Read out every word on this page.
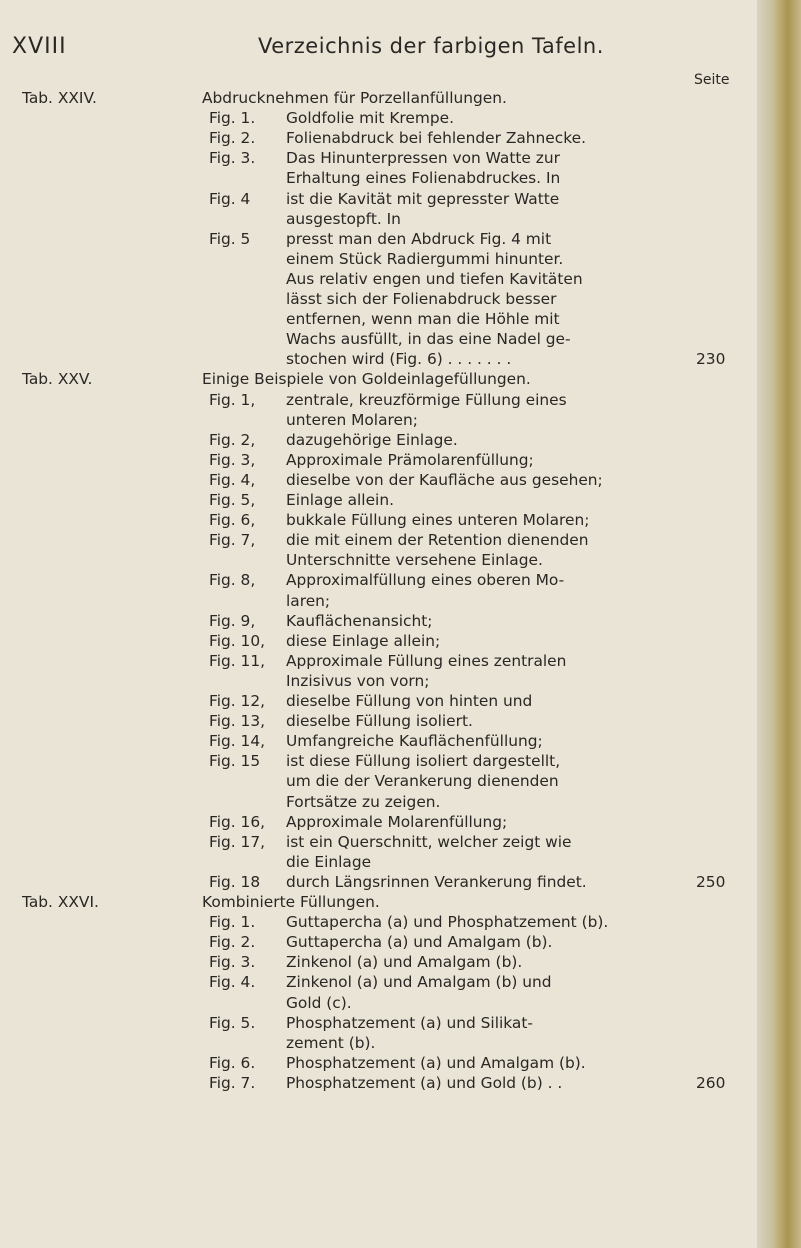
XVIII	Verzeichnis der farbigen Tafeln.
Seite
Tab. XXIV.	Abdrucknehmen für Porzellanfüllungen.
Fig. 1.	Goldfolie mit Krempe.
Fig. 2.	Folienabdruck bei fehlender Zahnecke.
Fig. 3.	Das Hinunterpressen von Watte zur
Erhaltung eines Folienabdruckes. In
Fig. 4	ist die Kavität mit gepresster Watte
ausgestopft. In
Fig. 5	presst man den Abdruck Fig. 4 mit
einem Stück Radiergummi hinunter.
Aus relativ engen und tiefen Kavitäten
lässt sich der Folienabdruck besser
entfernen, wenn man die Höhle mit
Wachs ausfüllt, in das eine Nadel ge-
stochen wird (Fig. 6) . . . . . . .	230
Tab. XXV.	Einige Beispiele von Goldeinlagefüllungen.
Fig. 1,	zentrale, kreuzförmige Füllung eines
unteren Molaren;
Fig. 2,	dazugehörige Einlage.
Fig. 3,	Approximale Prämolarenfüllung;
Fig. 4,	dieselbe von der Kaufläche aus gesehen;
Fig. 5,	Einlage allein.
Fig. 6,	bukkale Füllung eines unteren Molaren;
Fig. 7,	die mit einem der Retention dienenden
Unterschnitte versehene Einlage.
Fig. 8,	Approximalfüllung eines oberen Mo-
laren;
Fig. 9,	Kauflächenansicht;
Fig. 10,	diese Einlage allein;
Fig. 11,	Approximale Füllung eines zentralen
Inzisivus von vorn;
Fig. 12,	dieselbe Füllung von hinten und
Fig. 13,	dieselbe Füllung isoliert.
Fig. 14,	Umfangreiche Kauflächenfüllung;
Fig. 15	ist diese Füllung isoliert dargestellt,
um die der Verankerung dienenden
Fortsätze zu zeigen.
Fig. 16,	Approximale Molarenfüllung;
Fig. 17,	ist ein Querschnitt, welcher zeigt wie
die Einlage
Fig. 18	durch Längsrinnen Verankerung findet.	250
Tab. XXVI.	Kombinierte Füllungen.
Fig. 1.	Guttapercha (a) und Phosphatzement (b).
Fig. 2.	Guttapercha (a) und Amalgam (b).
Fig. 3.	Zinkenol (a) und Amalgam (b).
Fig. 4.	Zinkenol (a) und Amalgam (b) und
Gold (c).
Fig. 5.	Phosphatzement (a) und Silikat-
zement (b).
Fig. 6.	Phosphatzement (a) und Amalgam (b).
Fig. 7.	Phosphatzement (a) und Gold (b) . .	260
